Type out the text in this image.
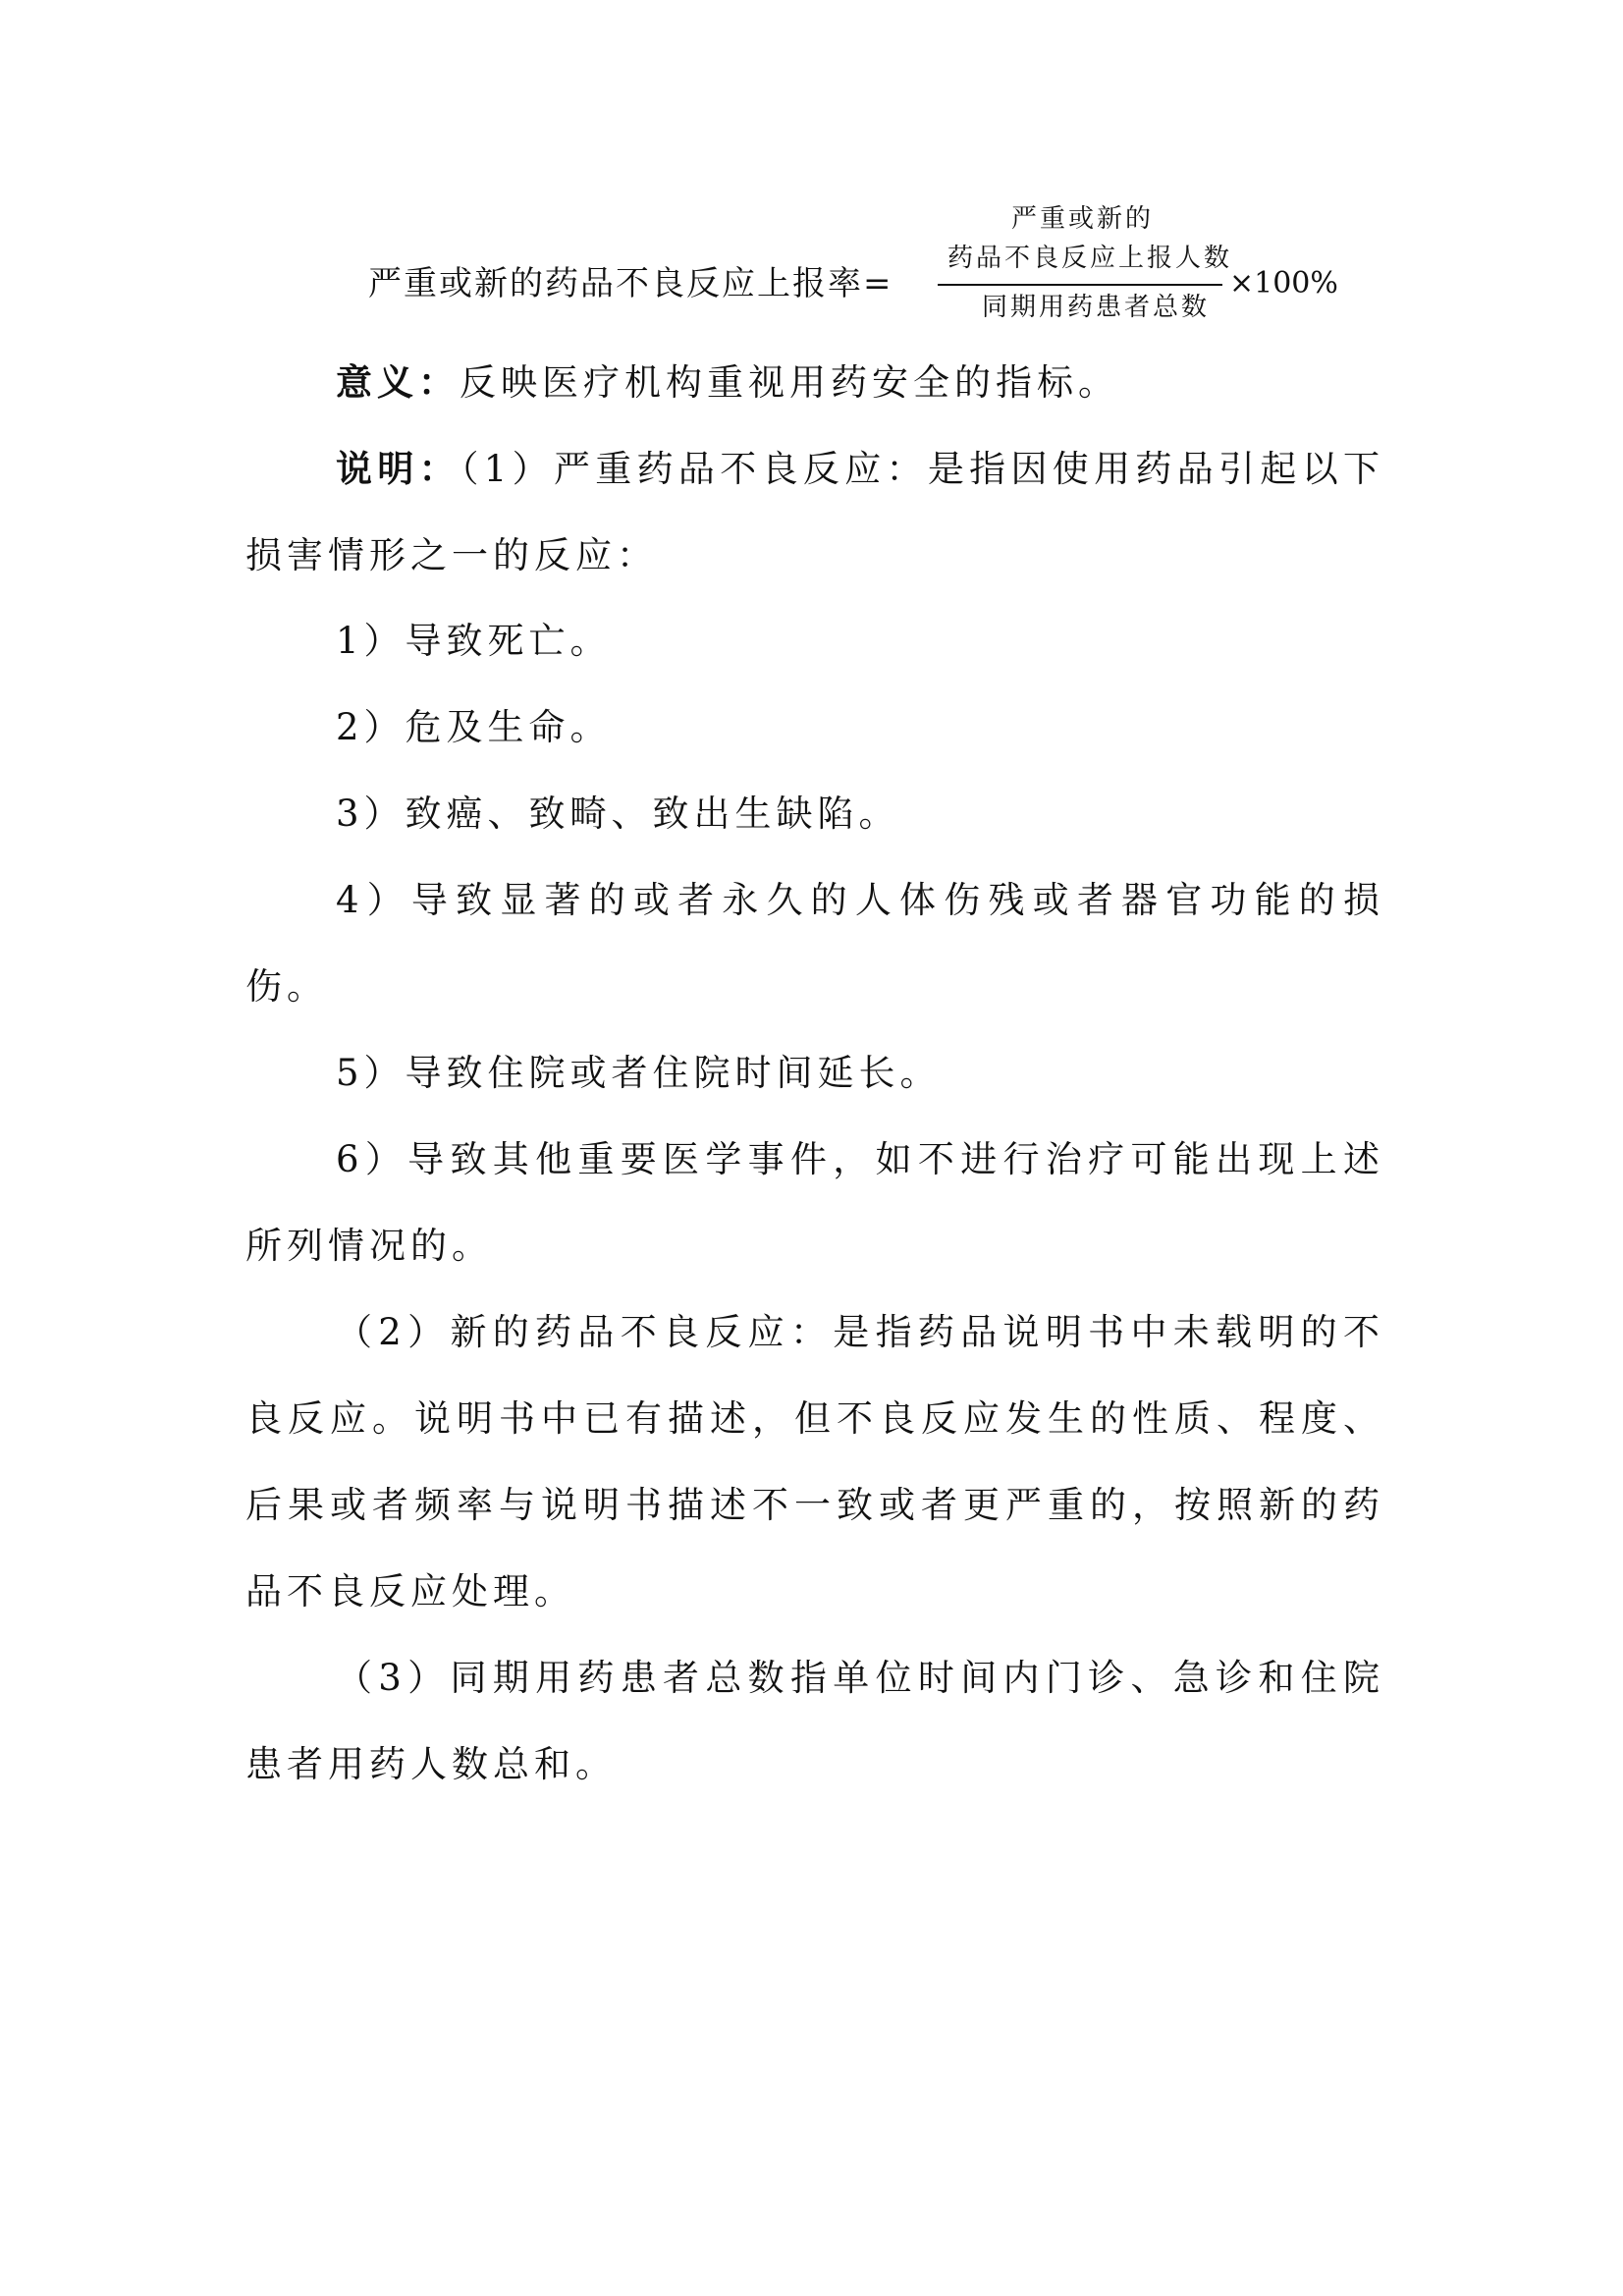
严重或新的药品不良反应上报率=
严重或新的
药品不良反应上报人数
同期用药患者总数
×100%

意义：反映医疗机构重视用药安全的指标。

说明：（1）严重药品不良反应：是指因使用药品引起以下损害情形之一的反应：

1）导致死亡。

2）危及生命。

3）致癌、致畸、致出生缺陷。

4）导致显著的或者永久的人体伤残或者器官功能的损伤。

5）导致住院或者住院时间延长。

6）导致其他重要医学事件，如不进行治疗可能出现上述所列情况的。

（2）新的药品不良反应：是指药品说明书中未载明的不良反应。说明书中已有描述，但不良反应发生的性质、程度、后果或者频率与说明书描述不一致或者更严重的，按照新的药品不良反应处理。

（3）同期用药患者总数指单位时间内门诊、急诊和住院患者用药人数总和。
